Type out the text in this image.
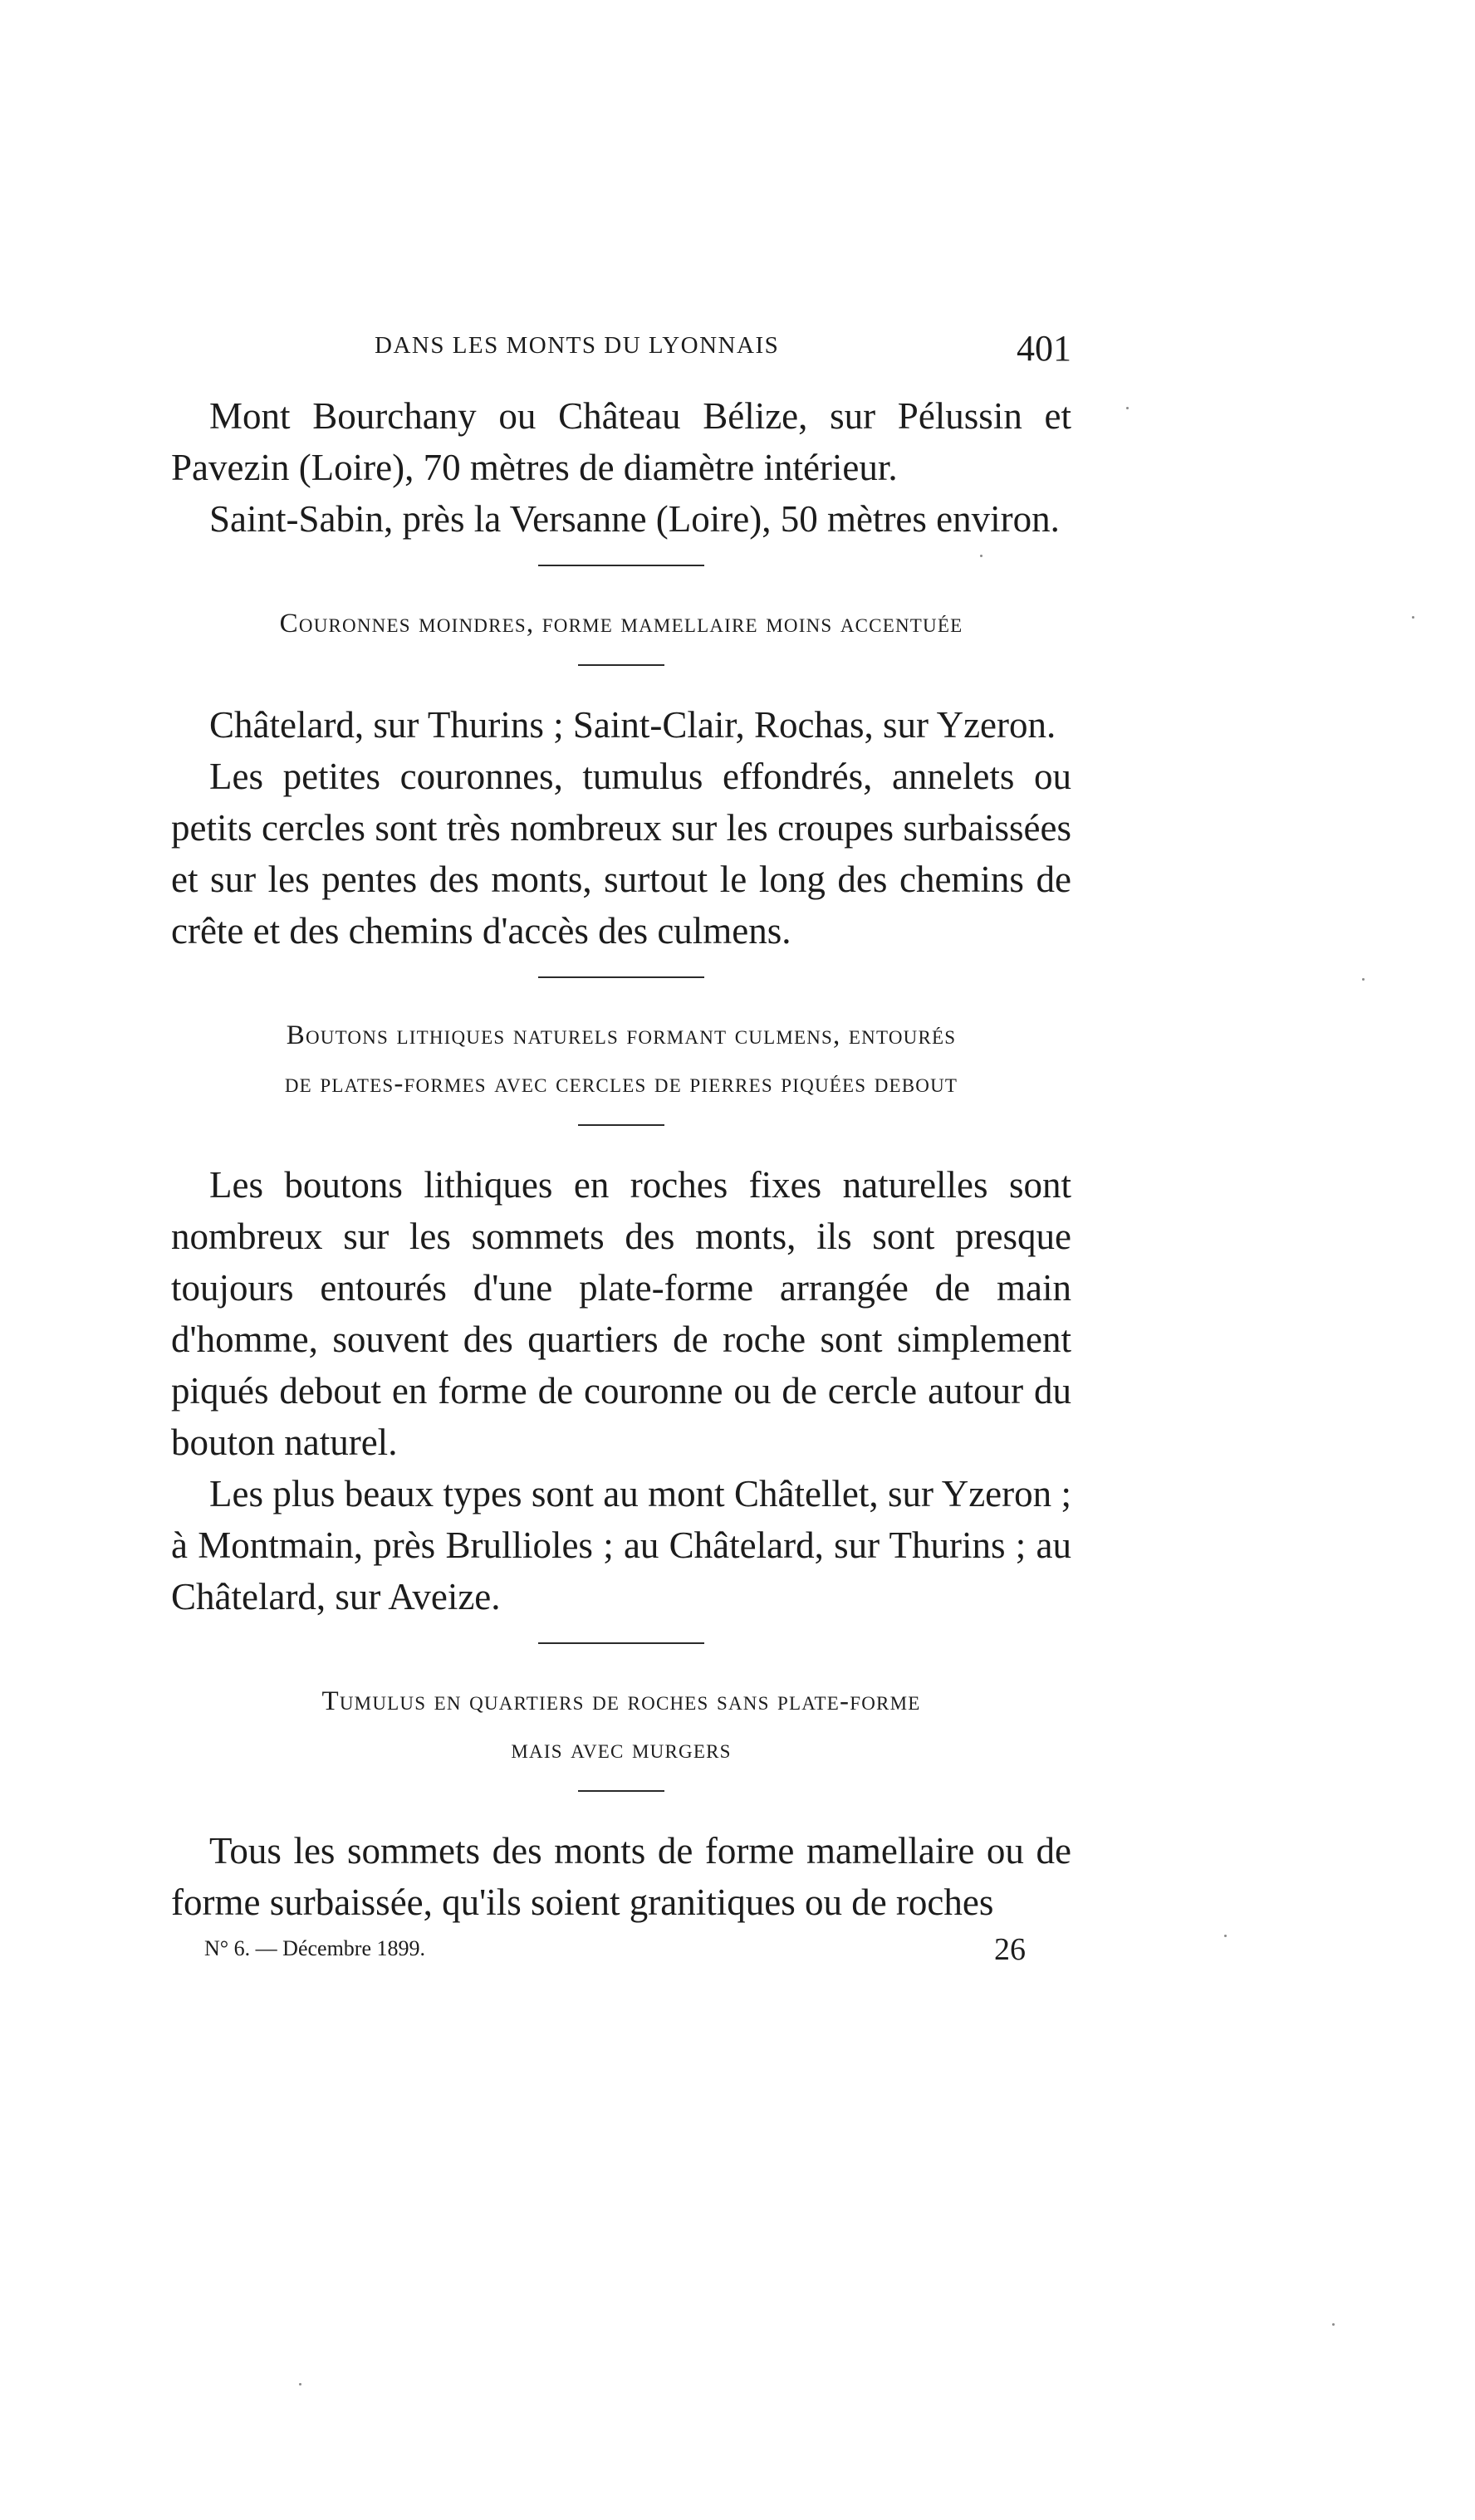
DANS LES MONTS DU LYONNAIS	401

Mont Bourchany ou Château Bélize, sur Pélussin et Pavezin (Loire), 70 mètres de diamètre intérieur.

Saint-Sabin, près la Versanne (Loire), 50 mètres environ.

Couronnes moindres, forme mamellaire moins accentuée

Châtelard, sur Thurins ; Saint-Clair, Rochas, sur Yzeron.

Les petites couronnes, tumulus effondrés, annelets ou petits cercles sont très nombreux sur les croupes surbaissées et sur les pentes des monts, surtout le long des chemins de crête et des chemins d'accès des culmens.

Boutons lithiques naturels formant culmens, entourés
de plates-formes avec cercles de pierres piquées debout

Les boutons lithiques en roches fixes naturelles sont nombreux sur les sommets des monts, ils sont presque toujours entourés d'une plate-forme arrangée de main d'homme, souvent des quartiers de roche sont simplement piqués debout en forme de couronne ou de cercle autour du bouton naturel.

Les plus beaux types sont au mont Châtellet, sur Yzeron ; à Montmain, près Brullioles ; au Châtelard, sur Thurins ; au Châtelard, sur Aveize.

Tumulus en quartiers de roches sans plate-forme
mais avec murgers

Tous les sommets des monts de forme mamellaire ou de forme surbaissée, qu'ils soient granitiques ou de roches

N° 6. — Décembre 1899.	26
